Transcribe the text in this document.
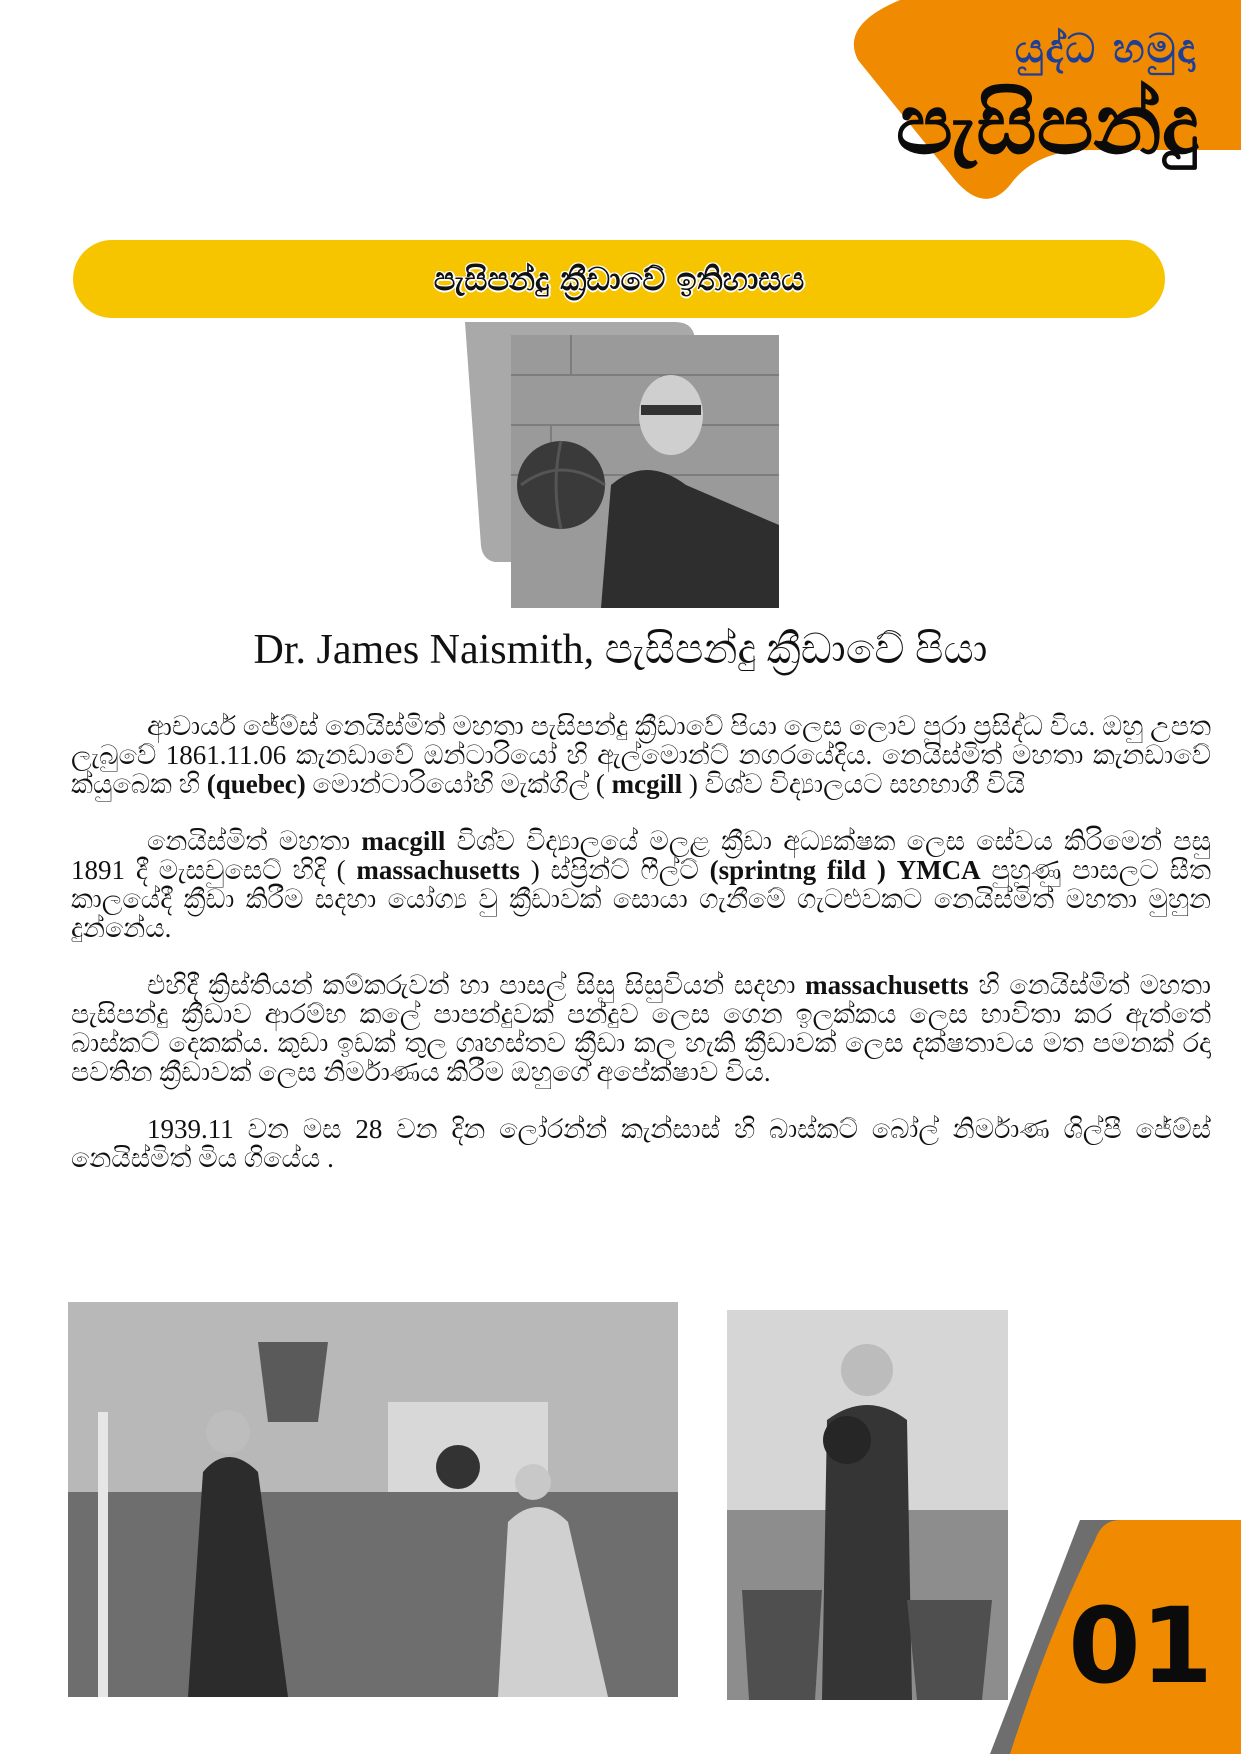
යුද්ධ හමුදා
පැසිපන්දු
පැසිපන්දු ක්‍රීඩාවේ ඉතිහාසය
Dr. James Naismith, පැසිපන්දු ක්‍රීඩාවේ පියා

ආචාර්ය ජේම්ස් නෙයිස්මිත් මහතා පැසිපන්දු ක්‍රීඩාවේ පියා ලෙස ලොව පුරා ප්‍රසිද්ධ විය. ඔහු උපත ලැබුවේ 1861.11.06 කැනඩාවේ ඔන්ටාරියෝ හි ඇල්මොන්ට් නගරයේදිය. නෙයිස්මිත් මහතා කැනඩාවේ ක්යුබෙක හි (quebec) මොන්ටාරියෝහි මැක්ගිල් ( mcgill ) විශ්ව විද්‍යාලයට සහභාගී වියි

නෙයිස්මිත් මහතා macgill විශ්ව විද්‍යාලයේ මලළ ක්‍රීඩා අධ්‍යක්ෂක ලෙස සේවය කිරිමෙන් පසු 1891 දී මැසචුසෙට් හිදි ( massachusetts ) ස්ප්‍රින්ට් ෆීල්ට් (sprintng fild ) YMCA පුහුණු පාසලට සීත කාලයේදී ක්‍රීඩා කිරීම සදහා යෝග්‍ය වු ක්‍රීඩාවක් සොයා ගැනීමේ ගැටළුවකට නෙයිස්මිත් මහතා මුහුන දුන්නේය.

එහිදී ක්‍රිස්තියන් කම්කරුවන් හා පාසල් සිසු සිසුවියන් සදහා massachusetts හි නෙයිස්මිත් මහතා පැසිපන්දු ක්‍රීඩාව ආරම්භ කලේ පාපන්දුවක් පන්දුව ලෙස ගෙන ඉලක්කය ලෙස භාවිතා කර ඇත්තේ බාස්කට් දෙකක්ය. කුඩා ඉඩක් තුල ගෘහස්තව ක්‍රීඩා කල හැකි ක්‍රීඩාවක් ලෙස දක්ෂතාවය මත පමනක් රදා පවතින ක්‍රීඩාවක් ලෙස නිර්මාණය කිරීම ඔහුගේ අපේක්ෂාව විය.

1939.11 වන මස 28 වන දින ලෝරන්න් කැන්සාස් හි බාස්කට් බෝල් නිර්මාණ ශිල්පී ජේම්ස් නෙයිස්මිත් මිය ගියේය .

01
